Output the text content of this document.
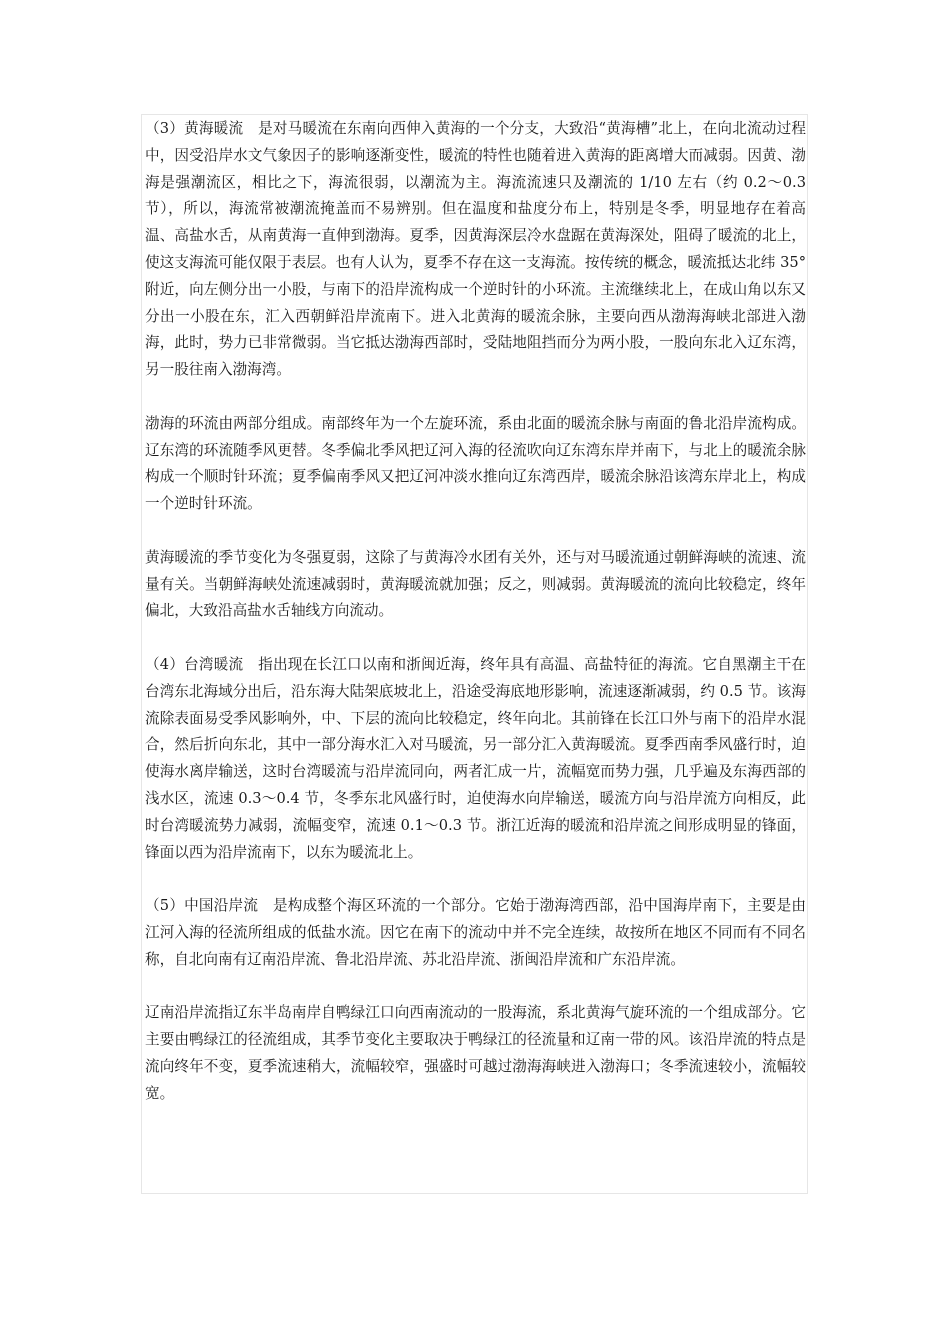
（3）黄海暖流　是对马暖流在东南向西伸入黄海的一个分支，大致沿“黄海槽”北上，在向北流动过程中，因受沿岸水文气象因子的影响逐渐变性，暖流的特性也随着进入黄海的距离增大而减弱。因黄、渤海是强潮流区，相比之下，海流很弱，以潮流为主。海流流速只及潮流的 1/10 左右（约 0.2～0.3 节），所以，海流常被潮流掩盖而不易辨别。但在温度和盐度分布上，特别是冬季，明显地存在着高温、高盐水舌，从南黄海一直伸到渤海。夏季，因黄海深层冷水盘踞在黄海深处，阻碍了暖流的北上，使这支海流可能仅限于表层。也有人认为，夏季不存在这一支海流。按传统的概念，暖流抵达北纬 35°附近，向左侧分出一小股，与南下的沿岸流构成一个逆时针的小环流。主流继续北上，在成山角以东又分出一小股在东，汇入西朝鲜沿岸流南下。进入北黄海的暖流余脉，主要向西从渤海海峡北部进入渤海，此时，势力已非常微弱。当它抵达渤海西部时，受陆地阻挡而分为两小股，一股向东北入辽东湾，另一股往南入渤海湾。

渤海的环流由两部分组成。南部终年为一个左旋环流，系由北面的暖流余脉与南面的鲁北沿岸流构成。辽东湾的环流随季风更替。冬季偏北季风把辽河入海的径流吹向辽东湾东岸并南下，与北上的暖流余脉构成一个顺时针环流；夏季偏南季风又把辽河冲淡水推向辽东湾西岸，暖流余脉沿该湾东岸北上，构成一个逆时针环流。

黄海暖流的季节变化为冬强夏弱，这除了与黄海冷水团有关外，还与对马暖流通过朝鲜海峡的流速、流量有关。当朝鲜海峡处流速减弱时，黄海暖流就加强；反之，则减弱。黄海暖流的流向比较稳定，终年偏北，大致沿高盐水舌轴线方向流动。

（4）台湾暖流　指出现在长江口以南和浙闽近海，终年具有高温、高盐特征的海流。它自黑潮主干在台湾东北海域分出后，沿东海大陆架底坡北上，沿途受海底地形影响，流速逐渐减弱，约 0.5 节。该海流除表面易受季风影响外，中、下层的流向比较稳定，终年向北。其前锋在长江口外与南下的沿岸水混合，然后折向东北，其中一部分海水汇入对马暖流，另一部分汇入黄海暖流。夏季西南季风盛行时，迫使海水离岸输送，这时台湾暖流与沿岸流同向，两者汇成一片，流幅宽而势力强，几乎遍及东海西部的浅水区，流速 0.3～0.4 节，冬季东北风盛行时，迫使海水向岸输送，暖流方向与沿岸流方向相反，此时台湾暖流势力减弱，流幅变窄，流速 0.1～0.3 节。浙江近海的暖流和沿岸流之间形成明显的锋面，锋面以西为沿岸流南下，以东为暖流北上。

（5）中国沿岸流　是构成整个海区环流的一个部分。它始于渤海湾西部，沿中国海岸南下，主要是由江河入海的径流所组成的低盐水流。因它在南下的流动中并不完全连续，故按所在地区不同而有不同名称，自北向南有辽南沿岸流、鲁北沿岸流、苏北沿岸流、浙闽沿岸流和广东沿岸流。

辽南沿岸流指辽东半岛南岸自鸭绿江口向西南流动的一股海流，系北黄海气旋环流的一个组成部分。它主要由鸭绿江的径流组成，其季节变化主要取决于鸭绿江的径流量和辽南一带的风。该沿岸流的特点是流向终年不变，夏季流速稍大，流幅较窄，强盛时可越过渤海海峡进入渤海口；冬季流速较小，流幅较宽。
